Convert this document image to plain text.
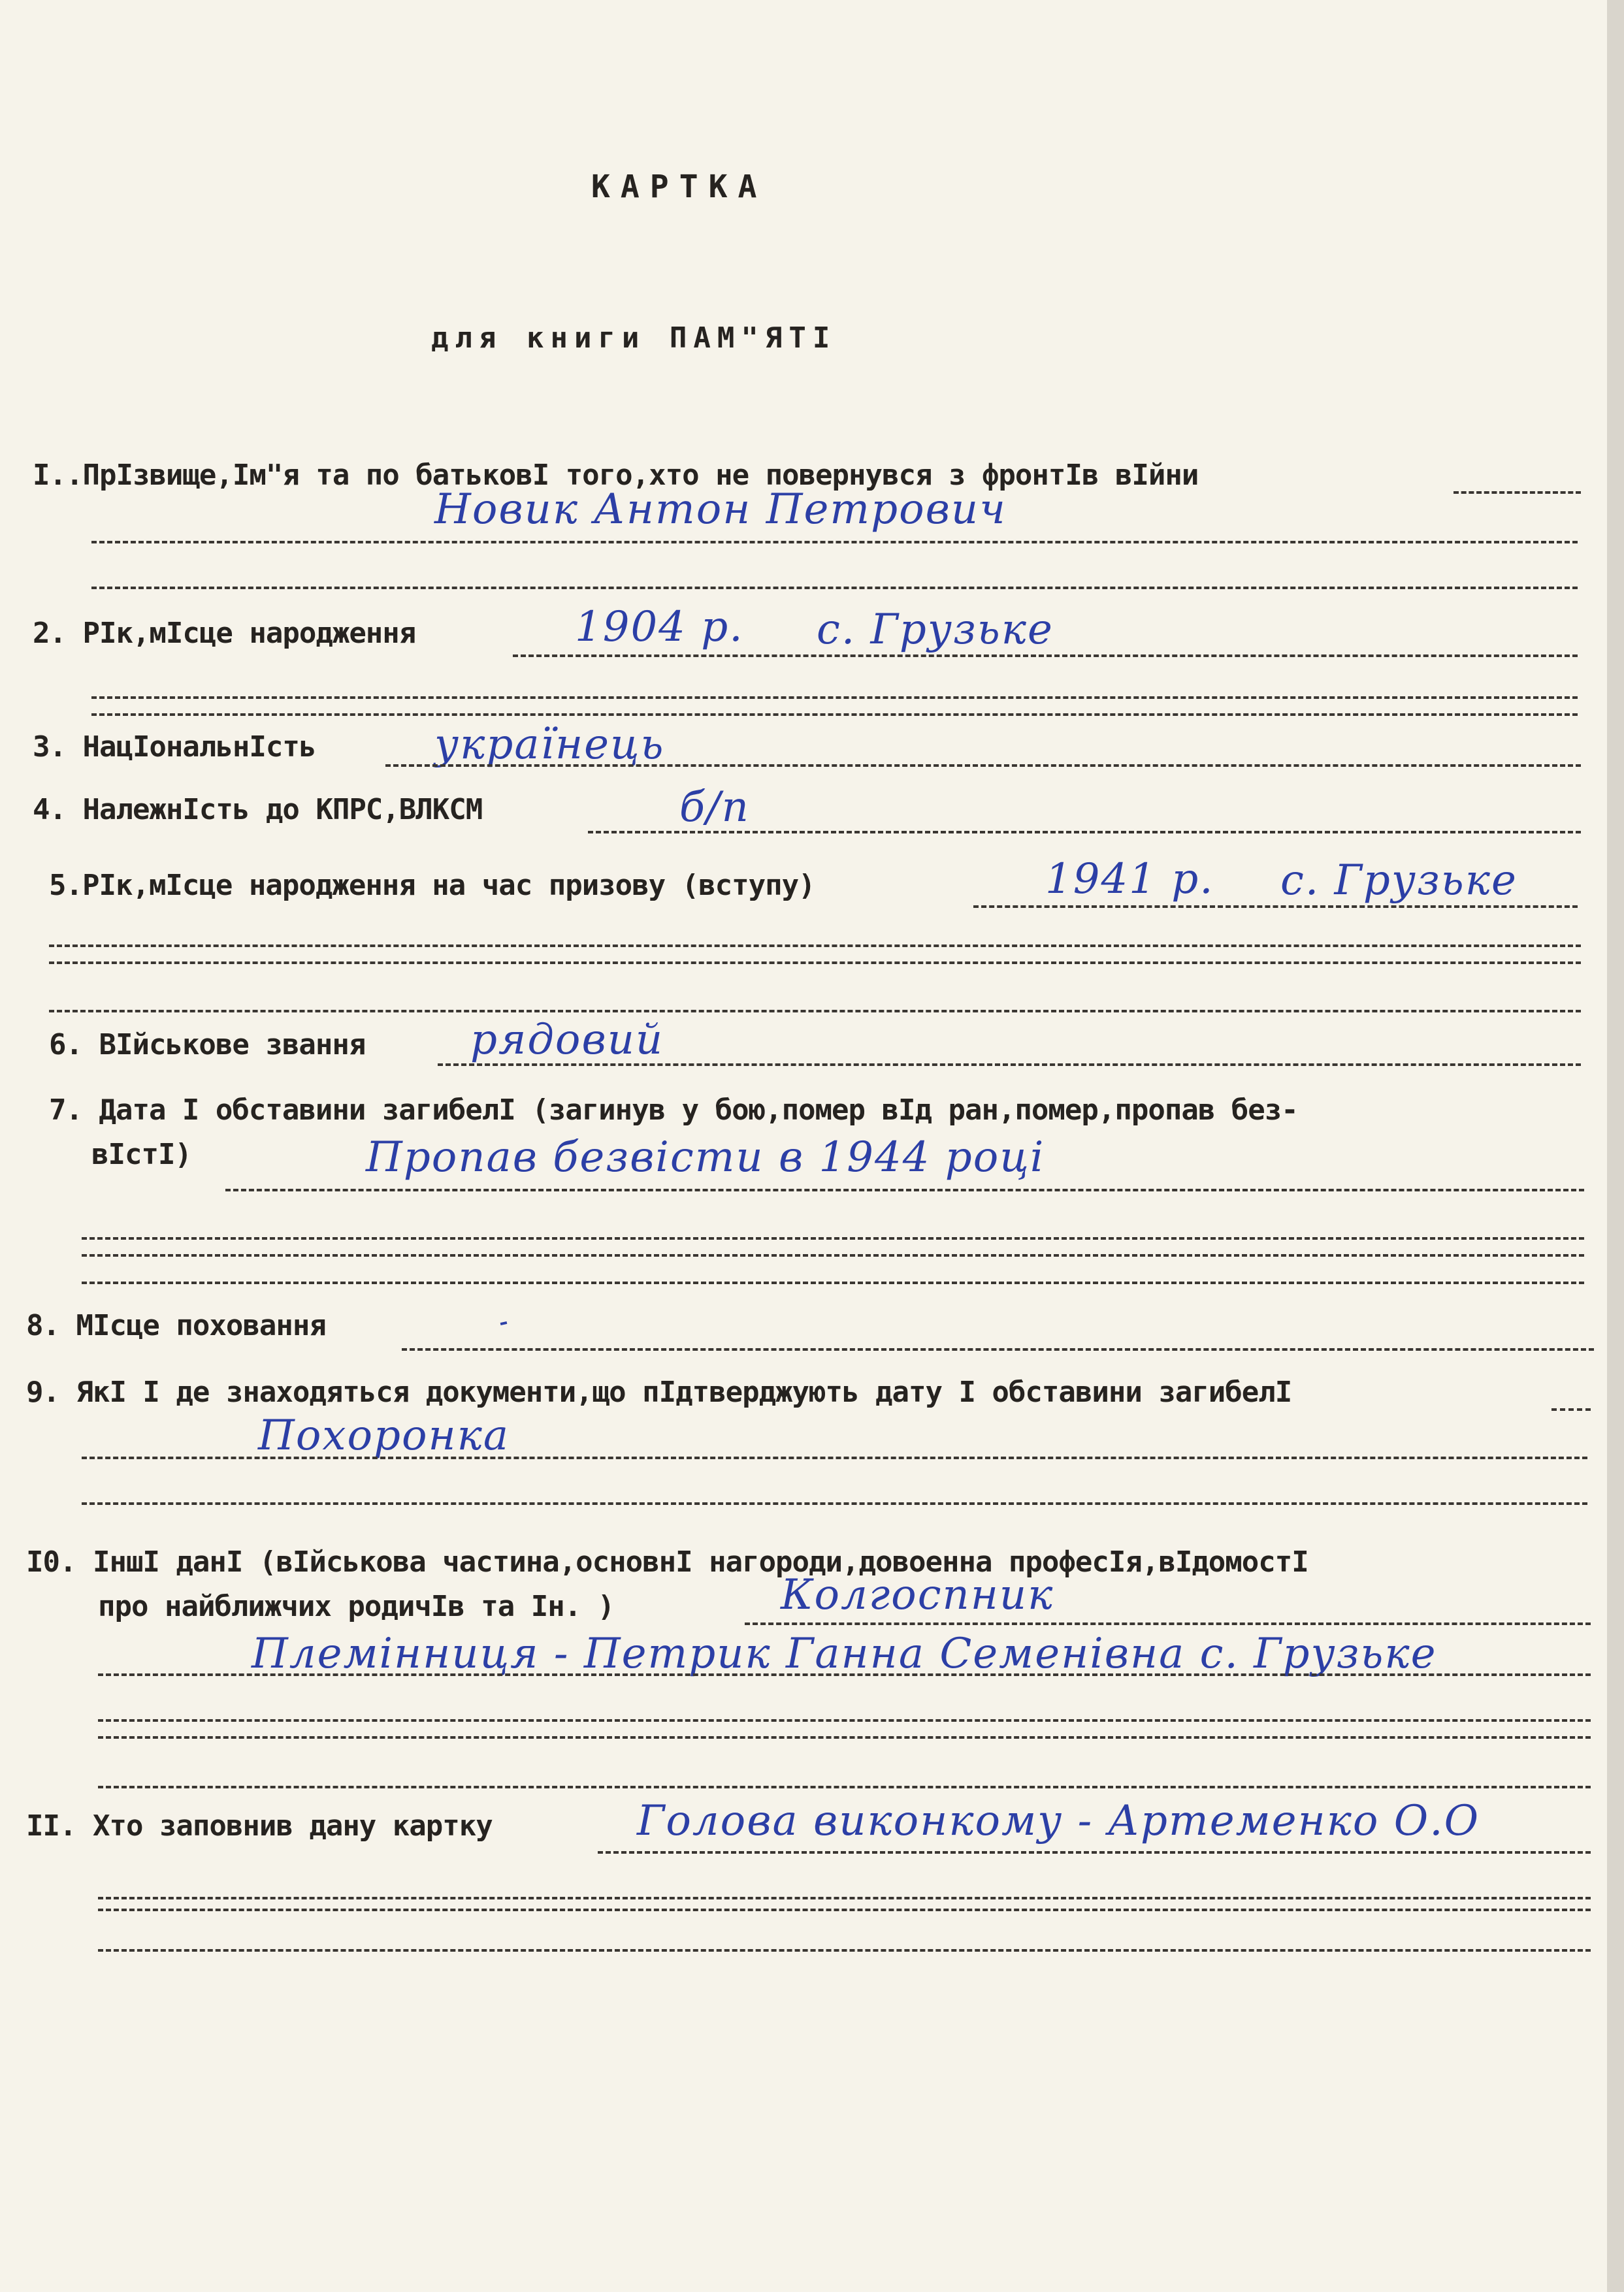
КАРТКА
для книги ПАМ"ЯТІ
I..ПрІзвище,Ім"я та по батьковІ того,хто не повернувся з фронтІв вІйни
Новик Антон Петрович
2. РІк,мІсце народження	1904 р. с. Грузьке
3. НацІональнІсть	українець
4. НалежнІсть до КПРС,ВЛКСМ	б/п
5.РІк,мІсце народження на час призову (вступу)	1941 р. с. Грузьке
6. ВІйськове звання	рядовий
7. Дата І обставини загибелІ (загинув у бою,помер вІд ран,помер,пропав без-
вІстІ)	Пропав безвісти в 1944 році
8. МІсце поховання
9. ЯкІ І де знаходяться документи,що пІдтверджують дату І обставини загибелІ
Похоронка
I0. ІншІ данІ (вІйськова частина,основнІ нагороди,довоенна професІя,вІдомостІ
про найближчих родичІв та Ін. )	Колгоспник
Племінниця - Петрик Ганна Семенівна с. Грузьке
II. Хто заповнив дану картку	Голова виконкому - Артеменко О.О
